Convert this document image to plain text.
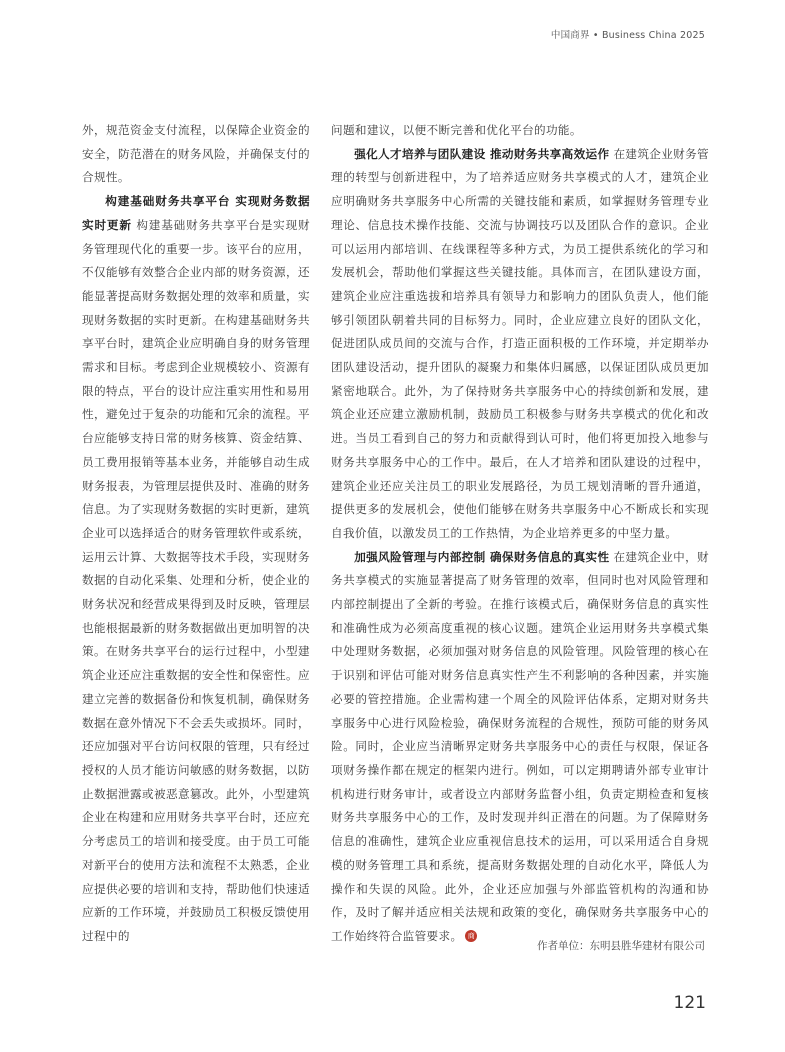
中国商界 • Business China 2025

外，规范资金支付流程，以保障企业资金的安全，防范潜在的财务风险，并确保支付的合规性。

构建基础财务共享平台 实现财务数据实时更新 构建基础财务共享平台是实现财务管理现代化的重要一步。该平台的应用，不仅能够有效整合企业内部的财务资源，还能显著提高财务数据处理的效率和质量，实现财务数据的实时更新。在构建基础财务共享平台时，建筑企业应明确自身的财务管理需求和目标。考虑到企业规模较小、资源有限的特点，平台的设计应注重实用性和易用性，避免过于复杂的功能和冗余的流程。平台应能够支持日常的财务核算、资金结算、员工费用报销等基本业务，并能够自动生成财务报表，为管理层提供及时、准确的财务信息。为了实现财务数据的实时更新，建筑企业可以选择适合的财务管理软件或系统，运用云计算、大数据等技术手段，实现财务数据的自动化采集、处理和分析，使企业的财务状况和经营成果得到及时反映，管理层也能根据最新的财务数据做出更加明智的决策。在财务共享平台的运行过程中，小型建筑企业还应注重数据的安全性和保密性。应建立完善的数据备份和恢复机制，确保财务数据在意外情况下不会丢失或损坏。同时，还应加强对平台访问权限的管理，只有经过授权的人员才能访问敏感的财务数据，以防止数据泄露或被恶意篡改。此外，小型建筑企业在构建和应用财务共享平台时，还应充分考虑员工的培训和接受度。由于员工可能对新平台的使用方法和流程不太熟悉，企业应提供必要的培训和支持，帮助他们快速适应新的工作环境，并鼓励员工积极反馈使用过程中的

问题和建议，以便不断完善和优化平台的功能。

强化人才培养与团队建设 推动财务共享高效运作 在建筑企业财务管理的转型与创新进程中，为了培养适应财务共享模式的人才，建筑企业应明确财务共享服务中心所需的关键技能和素质，如掌握财务管理专业理论、信息技术操作技能、交流与协调技巧以及团队合作的意识。企业可以运用内部培训、在线课程等多种方式，为员工提供系统化的学习和发展机会，帮助他们掌握这些关键技能。具体而言，在团队建设方面，建筑企业应注重选拔和培养具有领导力和影响力的团队负责人，他们能够引领团队朝着共同的目标努力。同时，企业应建立良好的团队文化，促进团队成员间的交流与合作，打造正面积极的工作环境，并定期举办团队建设活动，提升团队的凝聚力和集体归属感，以保证团队成员更加紧密地联合。此外，为了保持财务共享服务中心的持续创新和发展，建筑企业还应建立激励机制，鼓励员工积极参与财务共享模式的优化和改进。当员工看到自己的努力和贡献得到认可时，他们将更加投入地参与财务共享服务中心的工作中。最后，在人才培养和团队建设的过程中，建筑企业还应关注员工的职业发展路径，为员工规划清晰的晋升通道，提供更多的发展机会，使他们能够在财务共享服务中心不断成长和实现自我价值，以激发员工的工作热情，为企业培养更多的中坚力量。

加强风险管理与内部控制 确保财务信息的真实性 在建筑企业中，财务共享模式的实施显著提高了财务管理的效率，但同时也对风险管理和内部控制提出了全新的考验。在推行该模式后，确保财务信息的真实性和准确性成为必须高度重视的核心议题。建筑企业运用财务共享模式集中处理财务数据，必须加强对财务信息的风险管理。风险管理的核心在于识别和评估可能对财务信息真实性产生不利影响的各种因素，并实施必要的管控措施。企业需构建一个周全的风险评估体系，定期对财务共享服务中心进行风险检验，确保财务流程的合规性，预防可能的财务风险。同时，企业应当清晰界定财务共享服务中心的责任与权限，保证各项财务操作都在规定的框架内进行。例如，可以定期聘请外部专业审计机构进行财务审计，或者设立内部财务监督小组，负责定期检查和复核财务共享服务中心的工作，及时发现并纠正潜在的问题。为了保障财务信息的准确性，建筑企业应重视信息技术的运用，可以采用适合自身规模的财务管理工具和系统，提高财务数据处理的自动化水平，降低人为操作和失误的风险。此外，企业还应加强与外部监管机构的沟通和协作，及时了解并适应相关法规和政策的变化，确保财务共享服务中心的工作始终符合监管要求。 商

作者单位：东明县胜华建材有限公司
121
